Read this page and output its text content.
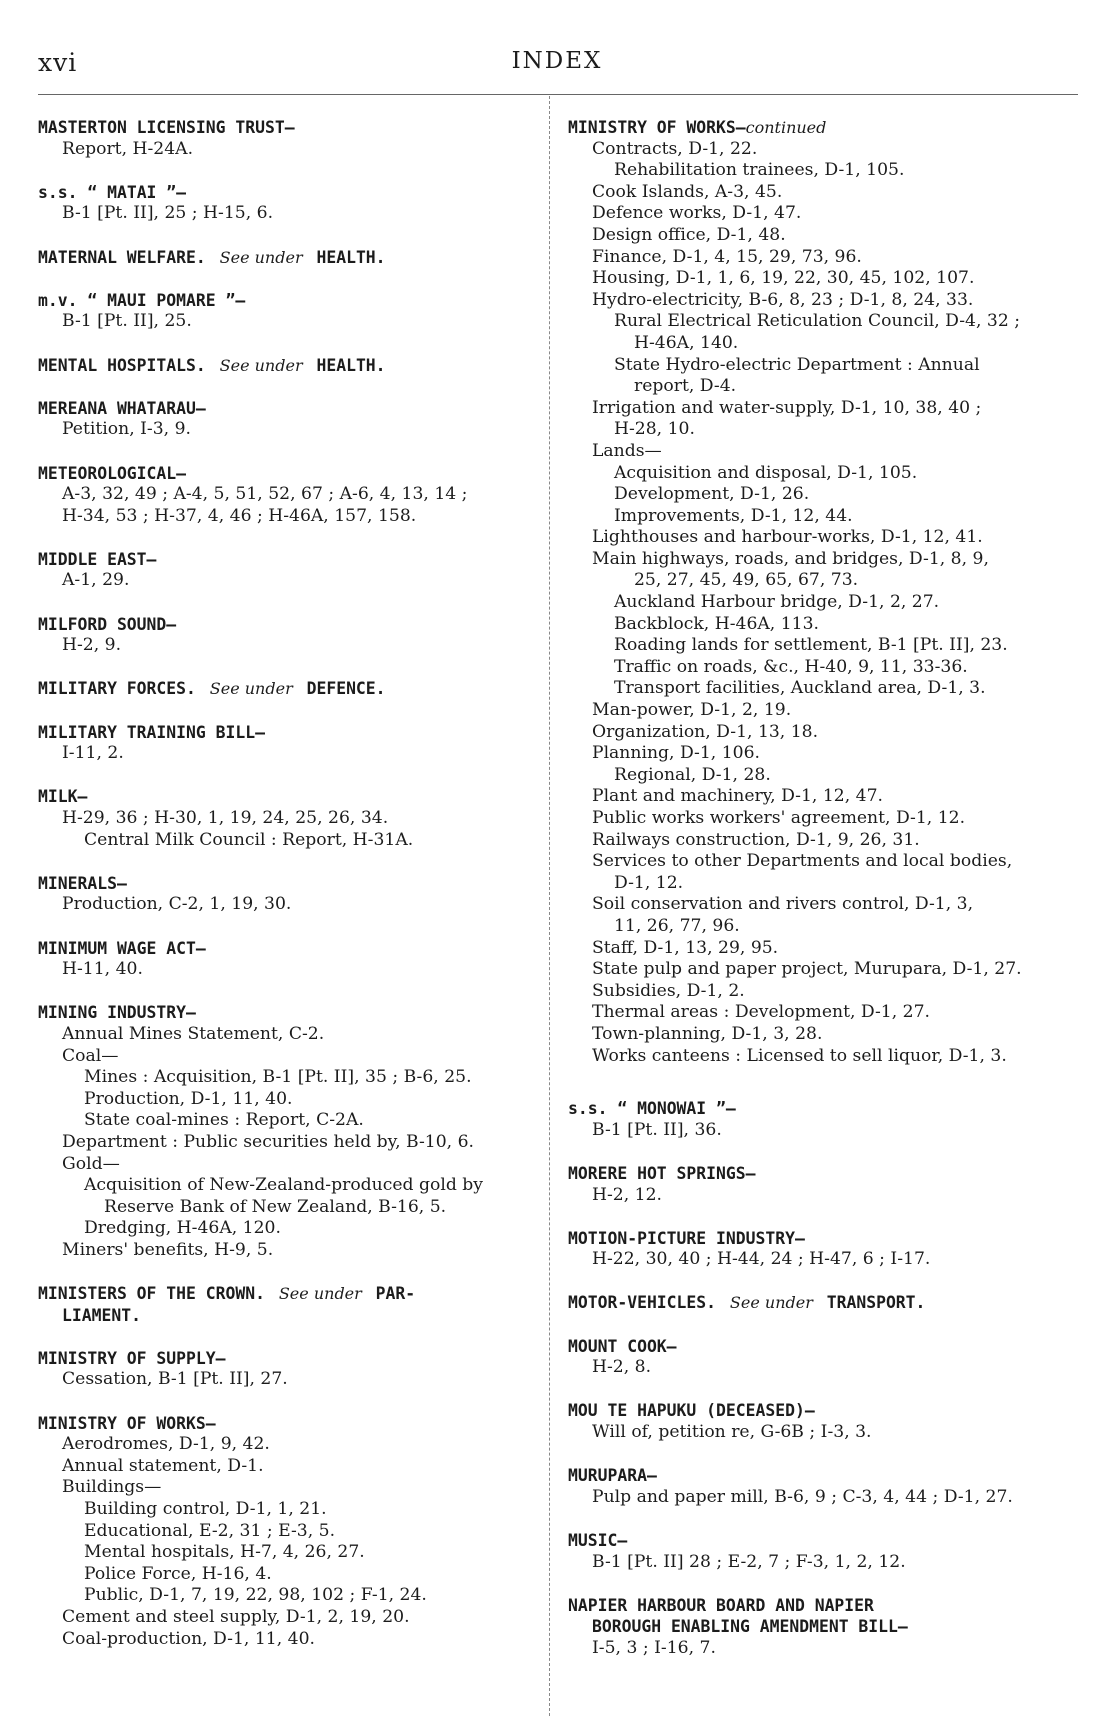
xvi	INDEX
MASTERTON LICENSING TRUST—
Report, H-24A.
s.s. “ MATAI ”—
B-1 [Pt. II], 25 ; H-15, 6.
MATERNAL WELFARE. See under HEALTH.
m.v. “ MAUI POMARE ”—
B-1 [Pt. II], 25.
MENTAL HOSPITALS. See under HEALTH.
MEREANA WHATARAU—
Petition, I-3, 9.
METEOROLOGICAL—
A-3, 32, 49 ; A-4, 5, 51, 52, 67 ; A-6, 4, 13, 14 ;
H-34, 53 ; H-37, 4, 46 ; H-46A, 157, 158.
MIDDLE EAST—
A-1, 29.
MILFORD SOUND—
H-2, 9.
MILITARY FORCES. See under DEFENCE.
MILITARY TRAINING BILL—
I-11, 2.
MILK—
H-29, 36 ; H-30, 1, 19, 24, 25, 26, 34.
Central Milk Council : Report, H-31A.
MINERALS—
Production, C-2, 1, 19, 30.
MINIMUM WAGE ACT—
H-11, 40.
MINING INDUSTRY—
Annual Mines Statement, C-2.
Coal—
Mines : Acquisition, B-1 [Pt. II], 35 ; B-6, 25.
Production, D-1, 11, 40.
State coal-mines : Report, C-2A.
Department : Public securities held by, B-10, 6.
Gold—
Acquisition of New-Zealand-produced gold by
Reserve Bank of New Zealand, B-16, 5.
Dredging, H-46A, 120.
Miners' benefits, H-9, 5.
MINISTERS OF THE CROWN. See under PAR-
LIAMENT.
MINISTRY OF SUPPLY—
Cessation, B-1 [Pt. II], 27.
MINISTRY OF WORKS—
Aerodromes, D-1, 9, 42.
Annual statement, D-1.
Buildings—
Building control, D-1, 1, 21.
Educational, E-2, 31 ; E-3, 5.
Mental hospitals, H-7, 4, 26, 27.
Police Force, H-16, 4.
Public, D-1, 7, 19, 22, 98, 102 ; F-1, 24.
Cement and steel supply, D-1, 2, 19, 20.
Coal-production, D-1, 11, 40.
MINISTRY OF WORKS—continued
Contracts, D-1, 22.
Rehabilitation trainees, D-1, 105.
Cook Islands, A-3, 45.
Defence works, D-1, 47.
Design office, D-1, 48.
Finance, D-1, 4, 15, 29, 73, 96.
Housing, D-1, 1, 6, 19, 22, 30, 45, 102, 107.
Hydro-electricity, B-6, 8, 23 ; D-1, 8, 24, 33.
Rural Electrical Reticulation Council, D-4, 32 ;
H-46A, 140.
State Hydro-electric Department : Annual
report, D-4.
Irrigation and water-supply, D-1, 10, 38, 40 ;
H-28, 10.
Lands—
Acquisition and disposal, D-1, 105.
Development, D-1, 26.
Improvements, D-1, 12, 44.
Lighthouses and harbour-works, D-1, 12, 41.
Main highways, roads, and bridges, D-1, 8, 9,
25, 27, 45, 49, 65, 67, 73.
Auckland Harbour bridge, D-1, 2, 27.
Backblock, H-46A, 113.
Roading lands for settlement, B-1 [Pt. II], 23.
Traffic on roads, &c., H-40, 9, 11, 33-36.
Transport facilities, Auckland area, D-1, 3.
Man-power, D-1, 2, 19.
Organization, D-1, 13, 18.
Planning, D-1, 106.
Regional, D-1, 28.
Plant and machinery, D-1, 12, 47.
Public works workers' agreement, D-1, 12.
Railways construction, D-1, 9, 26, 31.
Services to other Departments and local bodies,
D-1, 12.
Soil conservation and rivers control, D-1, 3,
11, 26, 77, 96.
Staff, D-1, 13, 29, 95.
State pulp and paper project, Murupara, D-1, 27.
Subsidies, D-1, 2.
Thermal areas : Development, D-1, 27.
Town-planning, D-1, 3, 28.
Works canteens : Licensed to sell liquor, D-1, 3.
s.s. “ MONOWAI ”—
B-1 [Pt. II], 36.
MORERE HOT SPRINGS—
H-2, 12.
MOTION-PICTURE INDUSTRY—
H-22, 30, 40 ; H-44, 24 ; H-47, 6 ; I-17.
MOTOR-VEHICLES. See under TRANSPORT.
MOUNT COOK—
H-2, 8.
MOU TE HAPUKU (DECEASED)—
Will of, petition re, G-6B ; I-3, 3.
MURUPARA—
Pulp and paper mill, B-6, 9 ; C-3, 4, 44 ; D-1, 27.
MUSIC—
B-1 [Pt. II] 28 ; E-2, 7 ; F-3, 1, 2, 12.
NAPIER HARBOUR BOARD AND NAPIER
BOROUGH ENABLING AMENDMENT BILL—
I-5, 3 ; I-16, 7.
